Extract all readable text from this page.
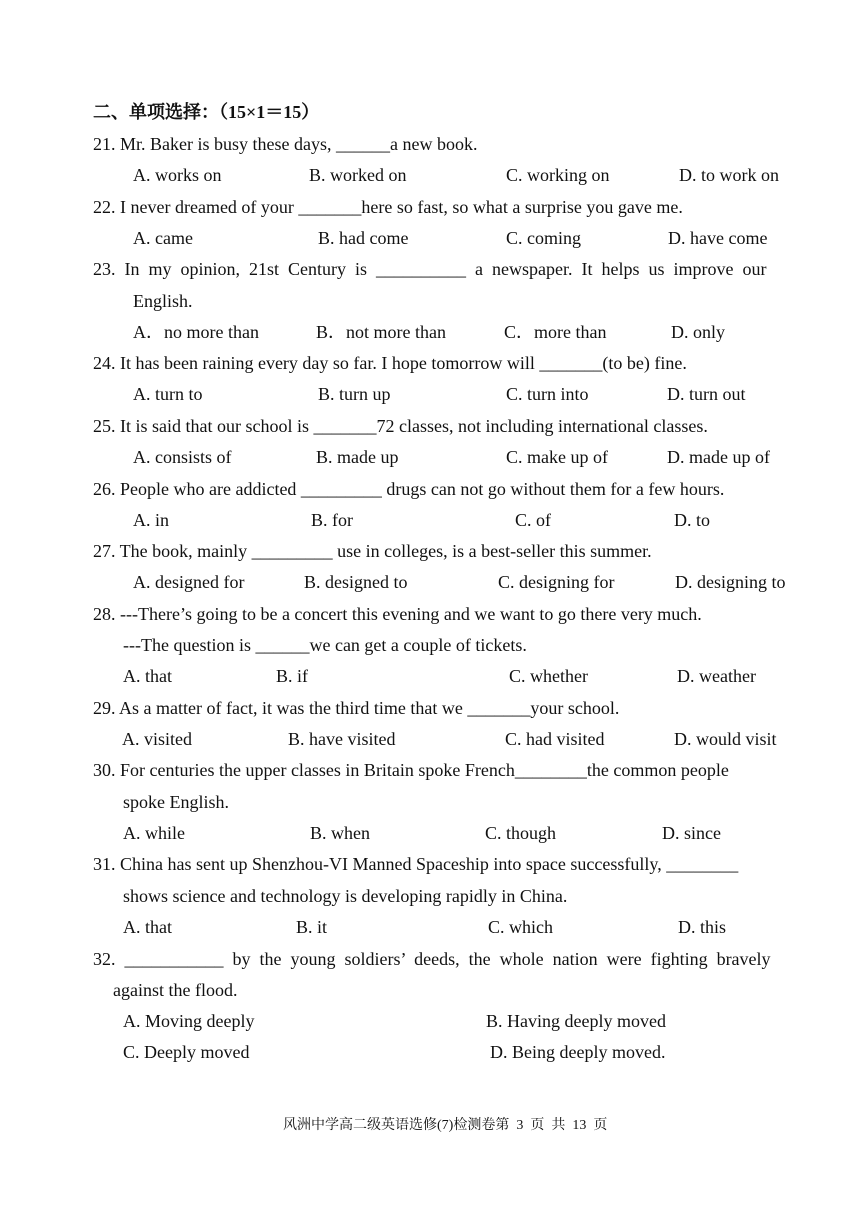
二、单项选择：（15×1＝15）
21. Mr. Baker is busy these days, ______a new book.
A. works on	B. worked on	C. working on	D. to work on
22. I never dreamed of your _______here so fast, so what a surprise you gave me.
A. came	B. had come	C. coming	D. have come
23.  In  my  opinion,  21st  Century  is  __________  a  newspaper.  It  helps  us  improve  our
English.
A．no more than	B．not more than	C．more than	D. only
24. It has been raining every day so far. I hope tomorrow will _______(to be) fine.
A. turn to	B. turn up	C. turn into	D. turn out
25. It is said that our school is _______72 classes, not including international classes.
A. consists of	B. made up	C. make up of	D. made up of
26. People who are addicted _________ drugs can not go without them for a few hours.
A. in	B. for	C. of	D. to
27. The book, mainly _________ use in colleges, is a best-seller this summer.
A. designed for	B. designed to	C. designing for	D. designing to
28. ---There’s going to be a concert this evening and we want to go there very much.
---The question is ______we can get a couple of tickets.
A. that	B. if	C. whether	D. weather
29. As a matter of fact, it was the third time that we _______your school.
A. visited	B. have visited	C. had visited	D. would visit
30. For centuries the upper classes in Britain spoke French________the common people
spoke English.
A. while	B. when	C. though	D. since
31. China has sent up Shenzhou-VI Manned Spaceship into space successfully, ________
shows science and technology is developing rapidly in China.
A. that	B. it	C. which	D. this
32.  ___________  by  the  young  soldiers’  deeds,  the  whole  nation  were  fighting  bravely
against the flood.
A. Moving deeply	B. Having deeply moved
C. Deeply moved	D. Being deeply moved.
风洲中学高二级英语选修(7)检测卷第  3  页  共  13  页
